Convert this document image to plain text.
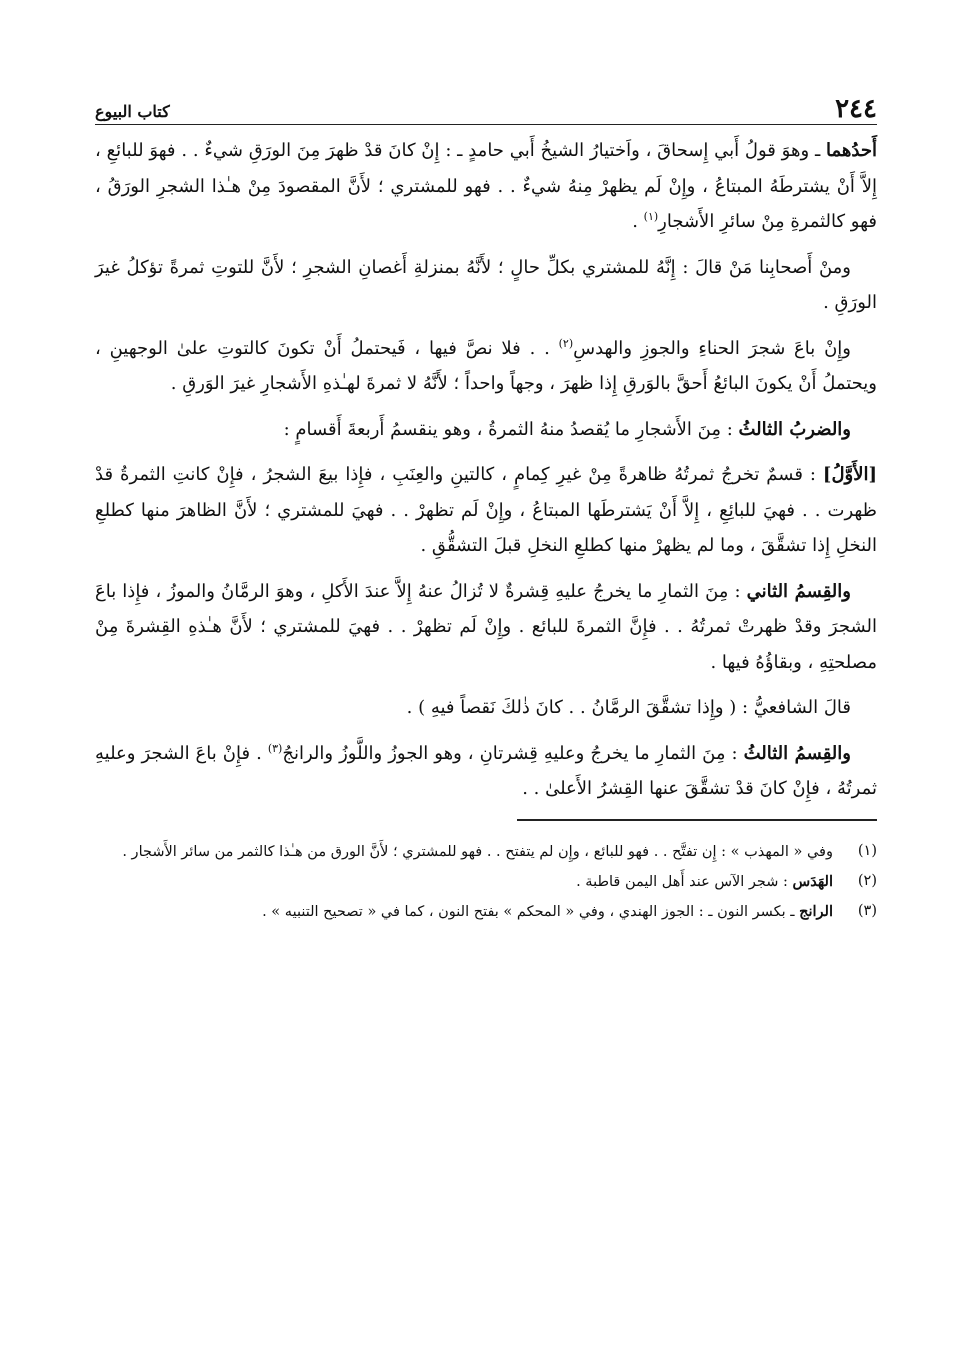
٢٤٤
كتاب البيوع

أَحدُهما ـ وهوَ قولُ أَبي إِسحاقَ ، واَختيارُ الشيخُ أَبي حامدٍ ـ : إِنْ كانَ قدْ ظهرَ مِنَ الورَقِ شيءٌ . . فهوَ للبائعِ ، إِلاَّ أَنْ يشترطَهُ المبتاعُ ، وإِنْ لَم يظهرْ مِنهُ شيءٌ . . فهو للمشتري ؛ لأَنَّ المقصودَ مِنْ هـٰذا الشجرِ الورَقُ ، فهو كالثمرةِ مِنْ سائرِ الأَشجارِ$^{(١)}$ .

ومنْ أَصحابِنا مَنْ قالَ : إِنَّهُ للمشتري بكلِّ حالٍ ؛ لأَنَّهُ بمنزلةِ أَغصانِ الشجرِ ؛ لأَنَّ للتوتِ ثمرةً تؤكلُ غيرَ الورَقِ .

وإِنْ باعَ شجرَ الحناءِ والجوزِ والهدسِ$^{(٢)}$ . . فلا نصَّ فيها ، فَيحتملُ أَنْ تكونَ كالتوتِ علىٰ الوجهينِ ، ويحتملُ أَنْ يكونَ البائعُ أَحقَّ بالوَرقِ إِذا ظهرَ ، وجهاً واحداً ؛ لأَنَّهُ لا ثمرةَ لهـٰذهِ الأَشجارِ غيرَ الوَرقِ .

والضربُ الثالثُ : مِنَ الأَشجارِ ما يُقصدُ منهُ الثمرةُ ، وهو ينقسمُ أَربعةَ أَقسامٍ :

[الأَوَّلُ] : قسمٌ تخرجُ ثمرتُهُ ظاهرةً مِنْ غيرِ كِمامٍ ، كالتينِ والعِنَبِ ، فإِذا بيعَ الشجرُ ، فإِنْ كانتِ الثمرةُ قدْ ظهرت . . فهيَ للبائِعِ ، إِلاَّ أَنْ يَشترطَها المبتاعُ ، وإِنْ لَم تظهرْ . . فهيَ للمشتري ؛ لأَنَّ الظاهرَ منها كطلعِ النخلِ إِذا تشقَّقَ ، وما لم يظهرْ منها كطلعِ النخلِ قبلَ التشقُّقِ .

والقِسمُ الثاني : مِنَ الثمارِ ما يخرجُ عليهِ قِشرةٌ لا تُزالُ عنهُ إِلاَّ عندَ الأَكلِ ، وهوَ الرمَّانُ والموزُ ، فإِذا باعَ الشجرَ وقدْ ظهرتْ ثمرتُهُ . . فإِنَّ الثمرةَ للبائع . وإِنْ لَم تظهرْ . . فهيَ للمشتري ؛ لأَنَّ هـٰذهِ القِشرةَ مِنْ مصلحتِهِ ، وبقاؤُهُ فيها .

قالَ الشافعيُّ : ( وإِذا تشقَّقَ الرمَّانُ . . كانَ ذٰلكَ نَقصاً فيهِ ) .

والقِسمُ الثالثُ : مِنَ الثمارِ ما يخرجُ وعليهِ قِشرتانِ ، وهو الجوزُ واللَّوزُ والرانجُ$^{(٣)}$ . فإِنْ باعَ الشجرَ وعليهِ ثمرتُهُ ، فإِنْ كانَ قدْ تشقَّقَ عنها القِشرُ الأَعلىٰ . .

(١)
وفي « المهذب » : إِن تفتَّح . . فهو للبائع ، وإِن لم يتفتح . . فهو للمشتري ؛ لأَنَّ الورق من هـٰذا كالثمر من سائر الأَشجار .
(٢)
الهَدَس : شجر الآس عند أَهل اليمن قاطبة .
(٣)
الرانج ـ بكسر النون ـ : الجوز الهندي ، وفي « المحكم » بفتح النون ، كما في « تصحيح التنبيه » .
